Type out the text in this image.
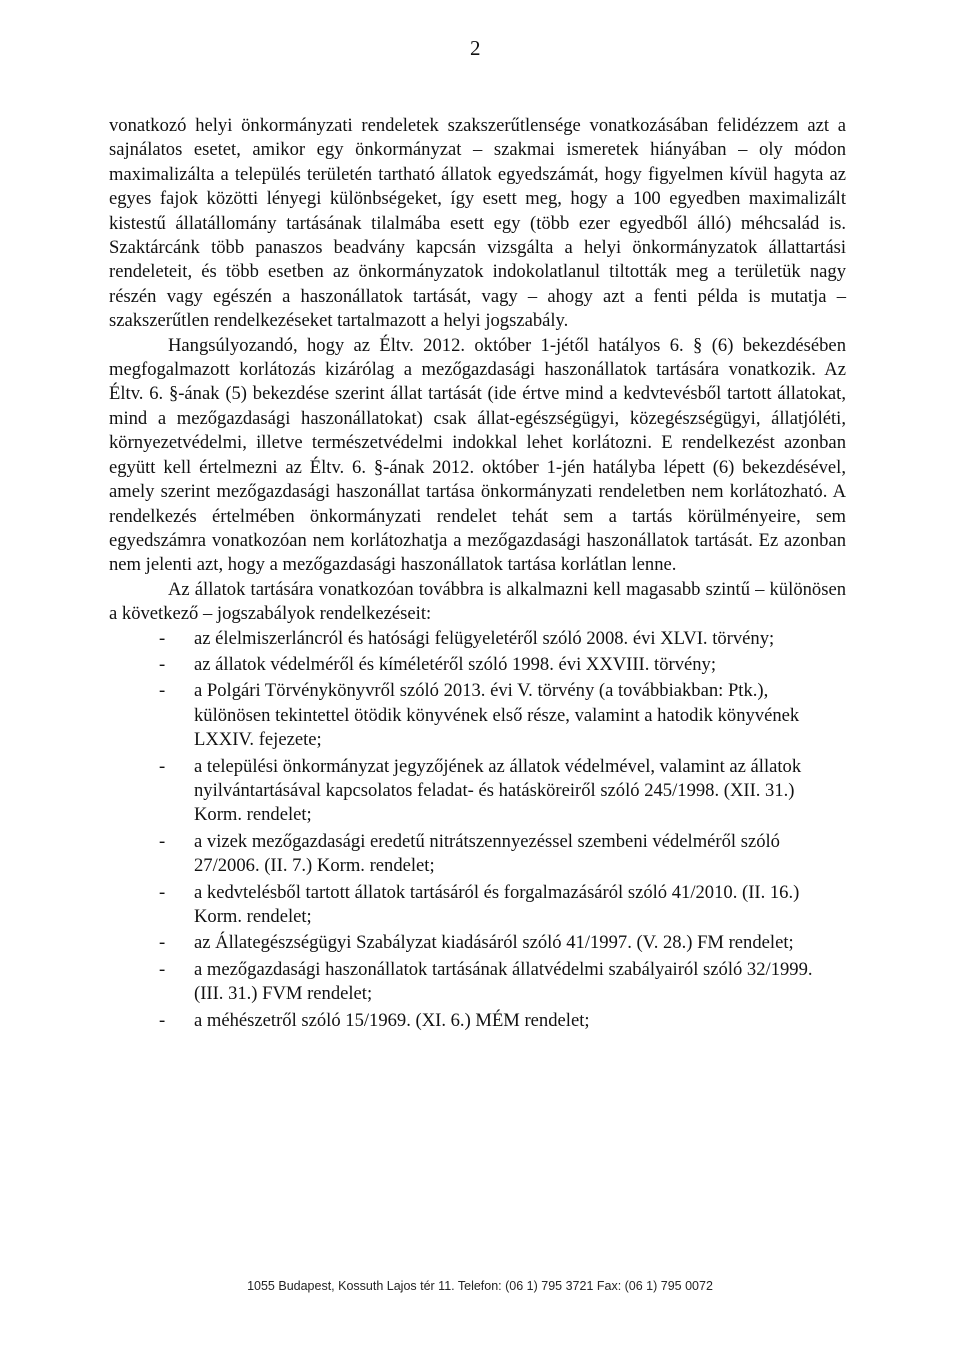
2

vonatkozó helyi önkormányzati rendeletek szakszerűtlensége vonatkozásában felidézzem azt a sajnálatos esetet, amikor egy önkormányzat – szakmai ismeretek hiányában – oly módon maximalizálta a település területén tartható állatok egyedszámát, hogy figyelmen kívül hagyta az egyes fajok közötti lényegi különbségeket, így esett meg, hogy a 100 egyedben maximalizált kistestű állatállomány tartásának tilalmába esett egy (több ezer egyedből álló) méhcsalád is. Szaktárcánk több panaszos beadvány kapcsán vizsgálta a helyi önkormányzatok állattartási rendeleteit, és több esetben az önkormányzatok indokolatlanul tiltották meg a területük nagy részén vagy egészén a haszonállatok tartását, vagy – ahogy azt a fenti példa is mutatja – szakszerűtlen rendelkezéseket tartalmazott a helyi jogszabály.

Hangsúlyozandó, hogy az Éltv. 2012. október 1-jétől hatályos 6. § (6) bekezdésében megfogalmazott korlátozás kizárólag a mezőgazdasági haszonállatok tartására vonatkozik. Az Éltv. 6. §-ának (5) bekezdése szerint állat tartását (ide értve mind a kedvtevésből tartott állatokat, mind a mezőgazdasági haszonállatokat) csak állat-egészségügyi, közegészségügyi, állatjóléti, környezetvédelmi, illetve természetvédelmi indokkal lehet korlátozni. E rendelkezést azonban együtt kell értelmezni az Éltv. 6. §-ának 2012. október 1-jén hatályba lépett (6) bekezdésével, amely szerint mezőgazdasági haszonállat tartása önkormányzati rendeletben nem korlátozható. A rendelkezés értelmében önkormányzati rendelet tehát sem a tartás körülményeire, sem egyedszámra vonatkozóan nem korlátozhatja a mezőgazdasági haszonállatok tartását. Ez azonban nem jelenti azt, hogy a mezőgazdasági haszonállatok tartása korlátlan lenne.

Az állatok tartására vonatkozóan továbbra is alkalmazni kell magasabb szintű – különösen a következő – jogszabályok rendelkezéseit:

- az élelmiszerláncról és hatósági felügyeletéről szóló 2008. évi XLVI. törvény;
- az állatok védelméről és kíméletéről szóló 1998. évi XXVIII. törvény;
- a Polgári Törvénykönyvről szóló 2013. évi V. törvény (a továbbiakban: Ptk.), különösen tekintettel ötödik könyvének első része, valamint a hatodik könyvének LXXIV. fejezete;
- a települési önkormányzat jegyzőjének az állatok védelmével, valamint az állatok nyilvántartásával kapcsolatos feladat- és hatásköreiről szóló 245/1998. (XII. 31.) Korm. rendelet;
- a vizek mezőgazdasági eredetű nitrátszennyezéssel szembeni védelméről szóló 27/2006. (II. 7.) Korm. rendelet;
- a kedvtelésből tartott állatok tartásáról és forgalmazásáról szóló 41/2010. (II. 16.) Korm. rendelet;
- az Állategészségügyi Szabályzat kiadásáról szóló 41/1997. (V. 28.) FM rendelet;
- a mezőgazdasági haszonállatok tartásának állatvédelmi szabályairól szóló 32/1999. (III. 31.) FVM rendelet;
- a méhészetről szóló 15/1969. (XI. 6.) MÉM rendelet;
1055 Budapest, Kossuth Lajos tér 11. Telefon: (06 1) 795 3721 Fax: (06 1) 795 0072
